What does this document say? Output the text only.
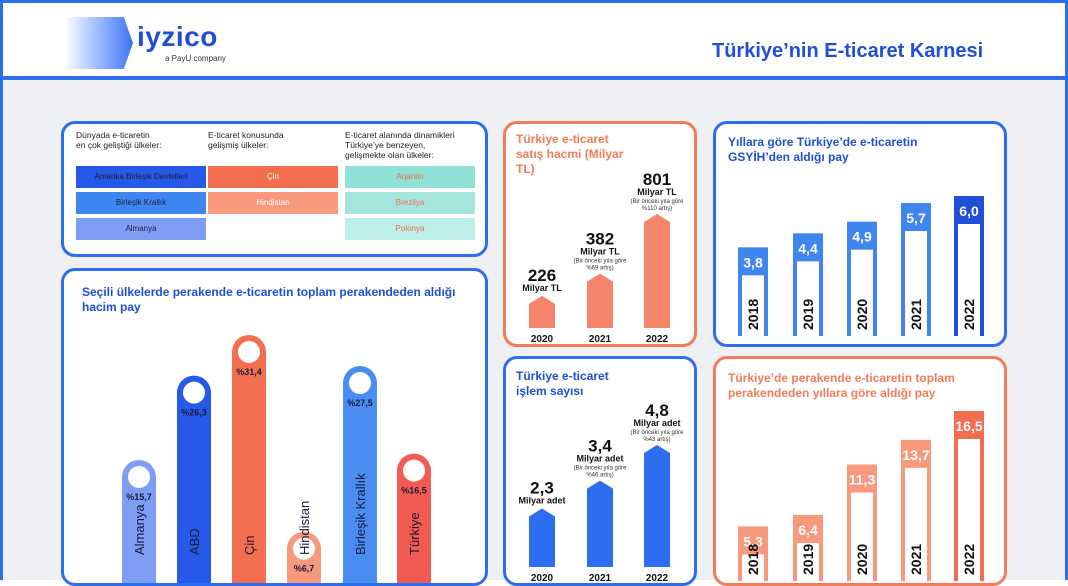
iyzico
a PayU company	Türkiye’nin E-ticaret Karnesi
Dünyada e-ticaretin
en çok geliştiği ülkeler:
Amerika Birleşik Devletleri
Birleşik Krallık
Almanya
E-ticaret konusunda
gelişmiş ülkeler:
Çin
Hindistan
E-ticaret alanında dinamikleri
Türkiye’ye benzeyen,
gelişmekte olan ülkeler:
Arjantin
Brezilya
Polonya
Seçili ülkelerde perakende e-ticaretin toplam perakendeden aldığı hacim pay
%15,7
Almanya
%26,3
ABD
%31,4
Çin
%6,7
Hindistan
%27,5
Birleşik Krallık	%16,5
Türkiye
Türkiye e-ticaret satış hacmi (Milyar TL)
2020
Milyar TL
226
2021
%69 artış)
(Bir önceki yıla göre
Milyar TL
382
2022
%110 artış)
(Bir önceki yıla göre
Milyar TL
801
Türkiye e-ticaret işlem sayısı
2020
Milyar adet
2,3
2021
%46 artış)
(Bir önceki yıla göre
Milyar adet
3,4
2022
%43 artış)
(Bir önceki yıla göre
Milyar adet
4,8
Yıllara göre Türkiye’de e-ticaretin GSYİH’den aldığı pay
3,8
2018
4,4
2019
4,9
2020
5,7
2021
6,0
2022
Türkiye’de perakende e-ticaretin toplam perakendeden yıllara göre aldığı pay
5,3
2018
6,4
2019
11,3
2020
13,7
2021
16,5
2022
